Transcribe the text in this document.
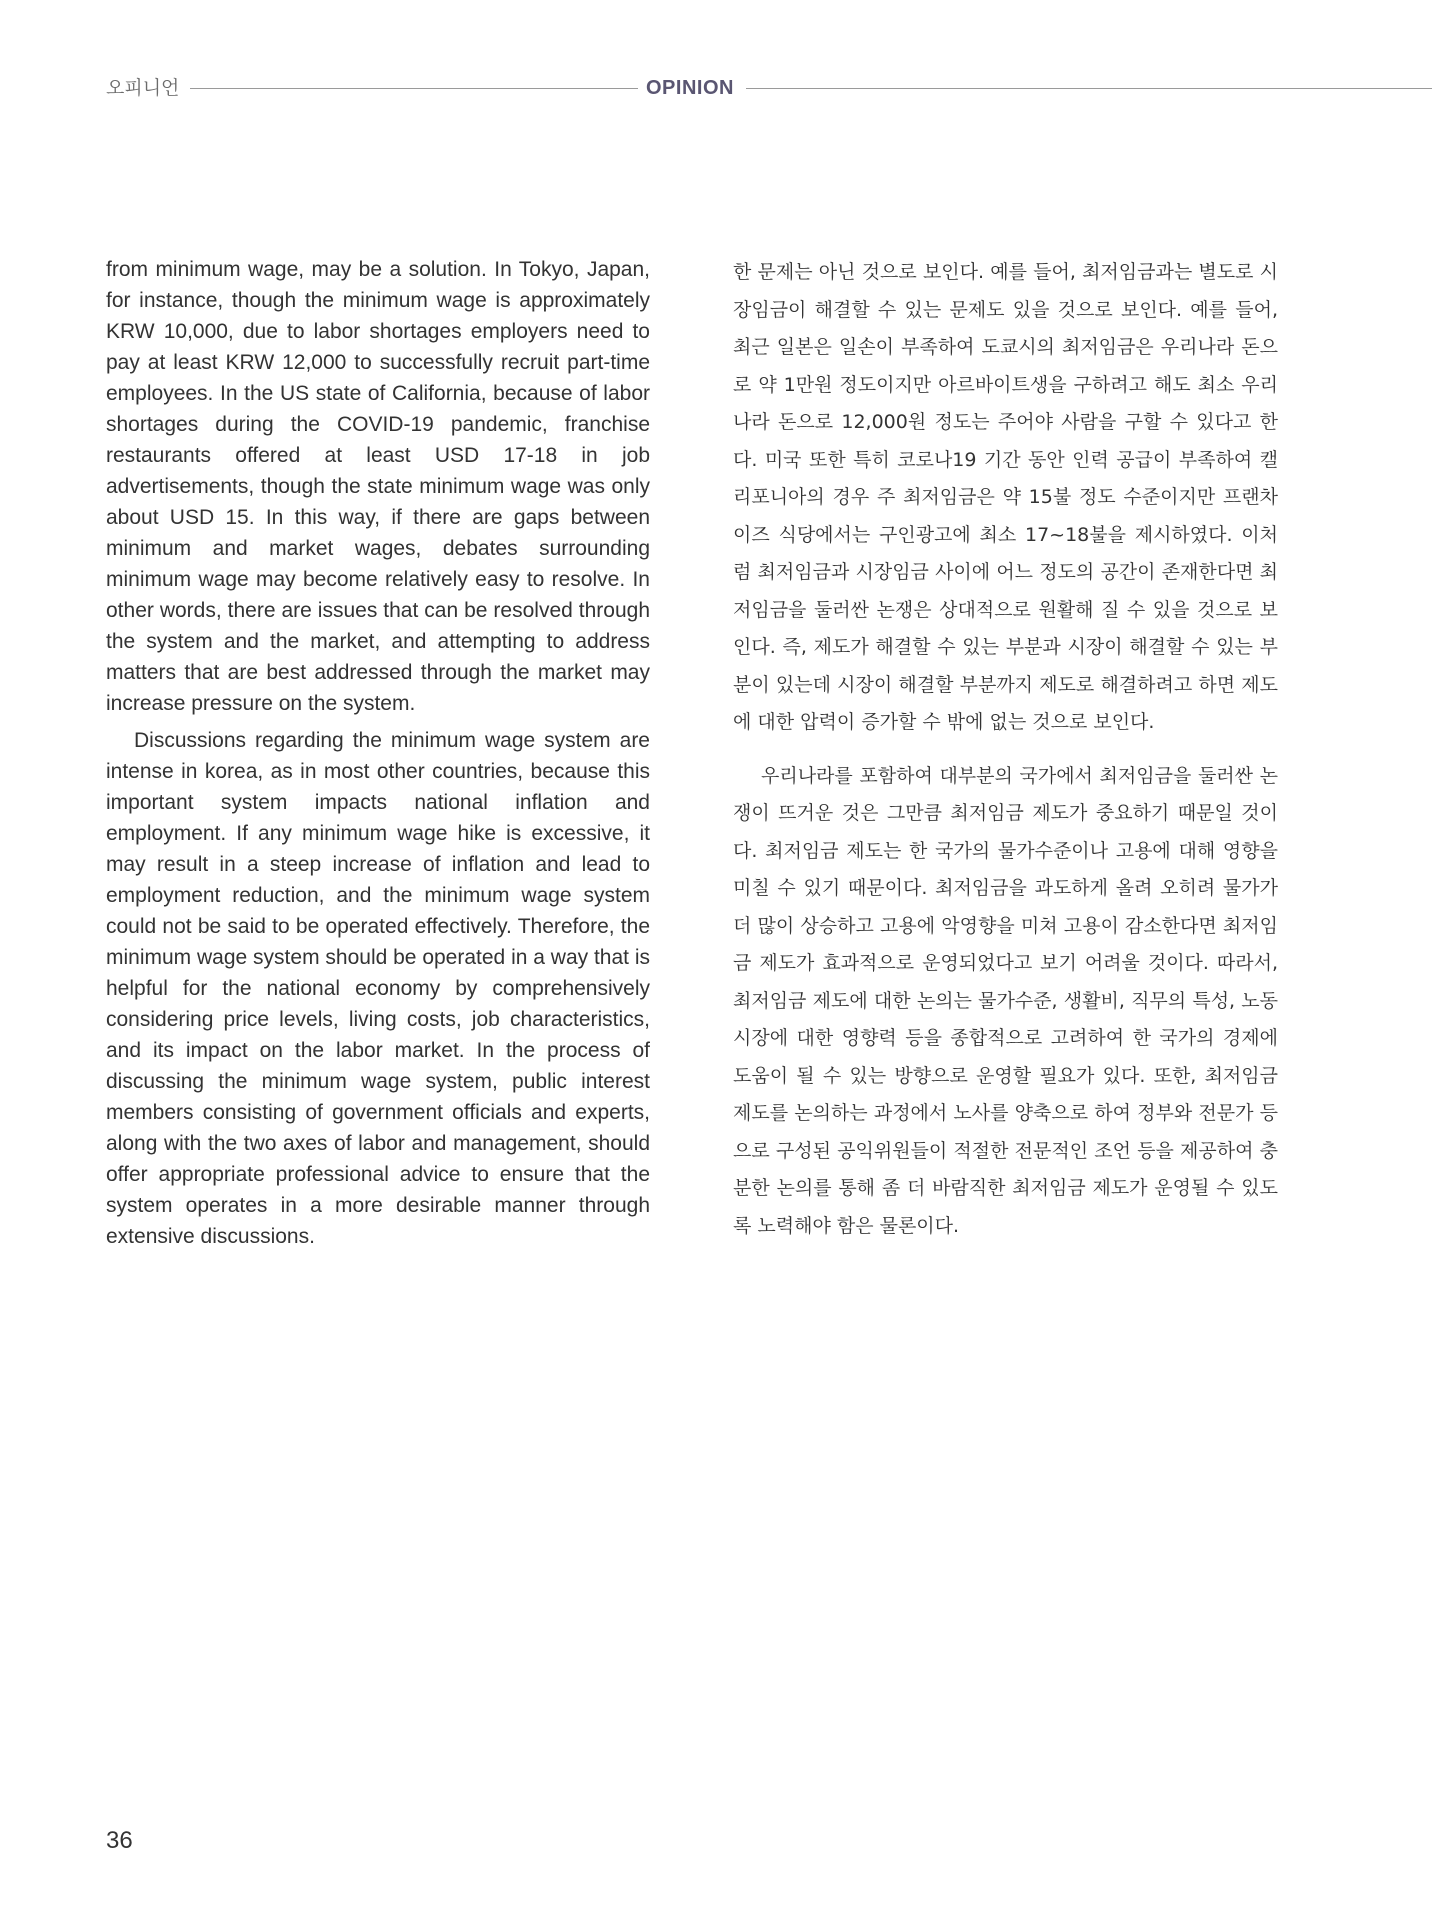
오피니언	OPINION

from minimum wage, may be a solution. In Tokyo, Japan, for instance, though the minimum wage is approximately KRW 10,000, due to labor shortages employers need to pay at least KRW 12,000 to successfully recruit part-time employees. In the US state of California, because of labor shortages during the COVID-19 pandemic, franchise restaurants offered at least USD 17-18 in job advertisements, though the state minimum wage was only about USD 15. In this way, if there are gaps between minimum and market wages, debates surrounding minimum wage may become relatively easy to resolve. In other words, there are issues that can be resolved through the system and the market, and attempting to address matters that are best addressed through the market may increase pressure on the system.

Discussions regarding the minimum wage system are intense in korea, as in most other countries, because this important system impacts national inflation and employment. If any minimum wage hike is excessive, it may result in a steep increase of inflation and lead to employment reduction, and the minimum wage system could not be said to be operated effectively. Therefore, the minimum wage system should be operated in a way that is helpful for the national economy by comprehensively considering price levels, living costs, job characteristics, and its impact on the labor market. In the process of discussing the minimum wage system, public interest members consisting of government officials and experts, along with the two axes of labor and management, should offer appropriate professional advice to ensure that the system operates in a more desirable manner through extensive discussions.

한 문제는 아닌 것으로 보인다. 예를 들어, 최저임금과는 별도로 시장임금이 해결할 수 있는 문제도 있을 것으로 보인다. 예를 들어, 최근 일본은 일손이 부족하여 도쿄시의 최저임금은 우리나라 돈으로 약 1만원 정도이지만 아르바이트생을 구하려고 해도 최소 우리나라 돈으로 12,000원 정도는 주어야 사람을 구할 수 있다고 한다. 미국 또한 특히 코로나19 기간 동안 인력 공급이 부족하여 캘리포니아의 경우 주 최저임금은 약 15불 정도 수준이지만 프랜차이즈 식당에서는 구인광고에 최소 17~18불을 제시하였다. 이처럼 최저임금과 시장임금 사이에 어느 정도의 공간이 존재한다면 최저임금을 둘러싼 논쟁은 상대적으로 원활해 질 수 있을 것으로 보인다. 즉, 제도가 해결할 수 있는 부분과 시장이 해결할 수 있는 부분이 있는데 시장이 해결할 부분까지 제도로 해결하려고 하면 제도에 대한 압력이 증가할 수 밖에 없는 것으로 보인다.

우리나라를 포함하여 대부분의 국가에서 최저임금을 둘러싼 논쟁이 뜨거운 것은 그만큼 최저임금 제도가 중요하기 때문일 것이다. 최저임금 제도는 한 국가의 물가수준이나 고용에 대해 영향을 미칠 수 있기 때문이다. 최저임금을 과도하게 올려 오히려 물가가 더 많이 상승하고 고용에 악영향을 미쳐 고용이 감소한다면 최저임금 제도가 효과적으로 운영되었다고 보기 어려울 것이다. 따라서, 최저임금 제도에 대한 논의는 물가수준, 생활비, 직무의 특성, 노동시장에 대한 영향력 등을 종합적으로 고려하여 한 국가의 경제에 도움이 될 수 있는 방향으로 운영할 필요가 있다. 또한, 최저임금 제도를 논의하는 과정에서 노사를 양축으로 하여 정부와 전문가 등으로 구성된 공익위원들이 적절한 전문적인 조언 등을 제공하여 충분한 논의를 통해 좀 더 바람직한 최저임금 제도가 운영될 수 있도록 노력해야 함은 물론이다.

36
